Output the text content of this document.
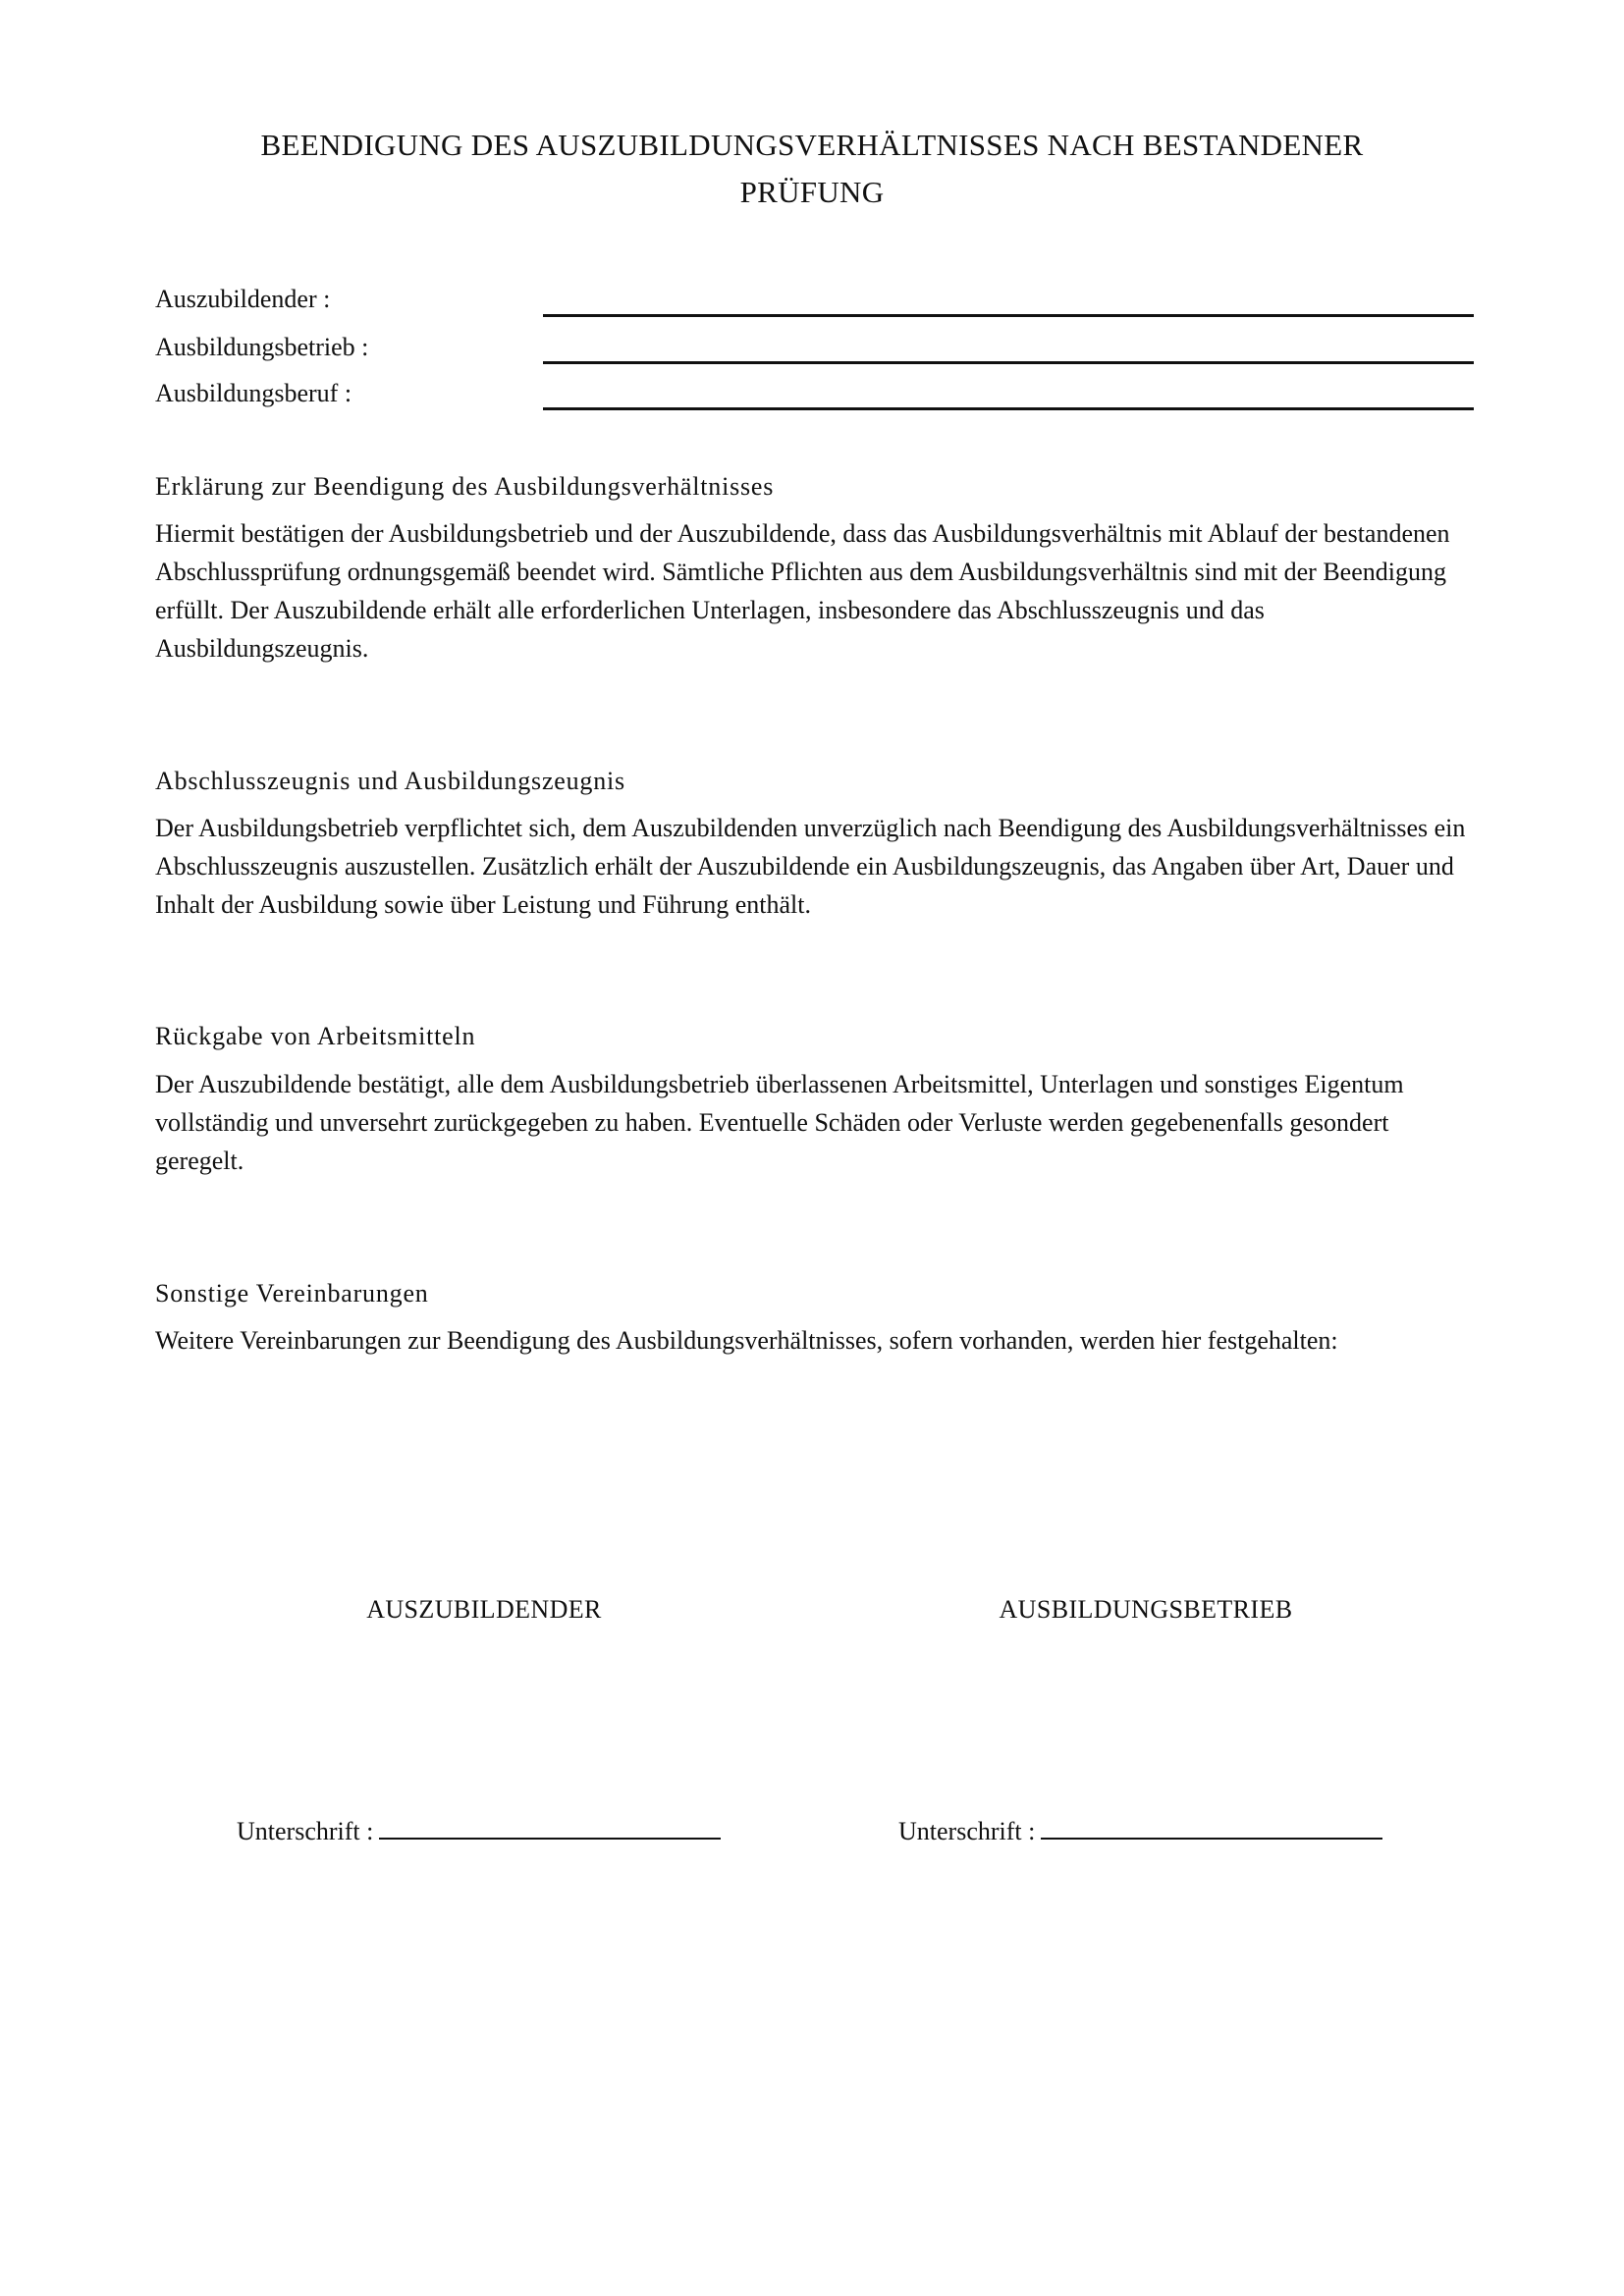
BEENDIGUNG DES AUSZUBILDUNGSVERHÄLTNISSES NACH BESTANDENER PRÜFUNG
Auszubildender :
Ausbildungsbetrieb :
Ausbildungsberuf :
Erklärung zur Beendigung des Ausbildungsverhältnisses
Hiermit bestätigen der Ausbildungsbetrieb und der Auszubildende, dass das Ausbildungsverhältnis mit Ablauf der bestandenen Abschlussprüfung ordnungsgemäß beendet wird. Sämtliche Pflichten aus dem Ausbildungsverhältnis sind mit der Beendigung erfüllt. Der Auszubildende erhält alle erforderlichen Unterlagen, insbesondere das Abschlusszeugnis und das Ausbildungszeugnis.
Abschlusszeugnis und Ausbildungszeugnis
Der Ausbildungsbetrieb verpflichtet sich, dem Auszubildenden unverzüglich nach Beendigung des Ausbildungsverhältnisses ein Abschlusszeugnis auszustellen. Zusätzlich erhält der Auszubildende ein Ausbildungszeugnis, das Angaben über Art, Dauer und Inhalt der Ausbildung sowie über Leistung und Führung enthält.
Rückgabe von Arbeitsmitteln
Der Auszubildende bestätigt, alle dem Ausbildungsbetrieb überlassenen Arbeitsmittel, Unterlagen und sonstiges Eigentum vollständig und unversehrt zurückgegeben zu haben. Eventuelle Schäden oder Verluste werden gegebenenfalls gesondert geregelt.
Sonstige Vereinbarungen
Weitere Vereinbarungen zur Beendigung des Ausbildungsverhältnisses, sofern vorhanden, werden hier festgehalten:
AUSZUBILDENDER	AUSBILDUNGSBETRIEB
Unterschrift :	Unterschrift :
